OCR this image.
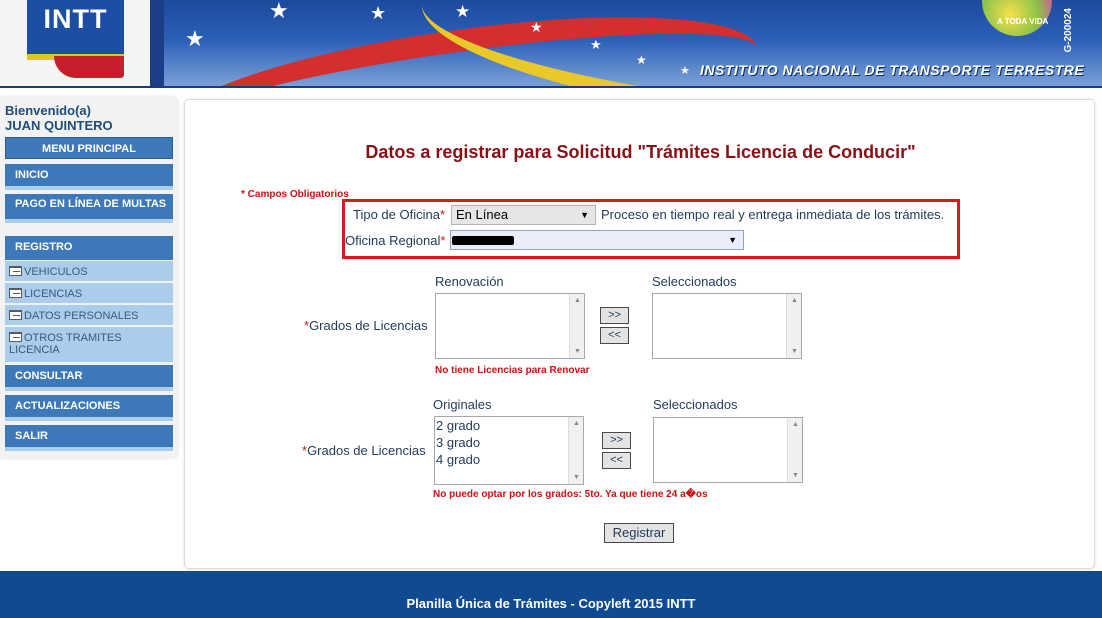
INTT
★
★	★	★
★
★
★
★ INSTITUTO NACIONAL DE TRANSPORTE TERRESTRE
A TODA VIDA G-200024
Bienvenido(a)
JUAN QUINTERO
MENU PRINCIPAL
INICIO
PAGO EN LÍNEA DE MULTAS
REGISTRO
VEHICULOS
LICENCIAS
DATOS PERSONALES
OTROS TRAMITES LICENCIA
CONSULTAR
ACTUALIZACIONES
SALIR
Datos a registrar para Solicitud "Trámites Licencia de Conducir"
* Campos Obligatorios
Tipo de Oficina* En Línea	▼ Proceso en tiempo real y entrega inmediata de los trámites.
Oficina Regional*	▼
Renovación	Seleccionados
*Grados de Licencias
▲
▼
>>
<<
▲
▼
No tiene Licencias para Renovar
Originales	Seleccionados
*Grados de Licencias
2 grado
3 grado
4 grado
▲
▼
>>
<<
▲
▼
No puede optar por los grados: 5to. Ya que tiene 24 a�os
Registrar
Planilla Única de Trámites - Copyleft 2015 INTT
